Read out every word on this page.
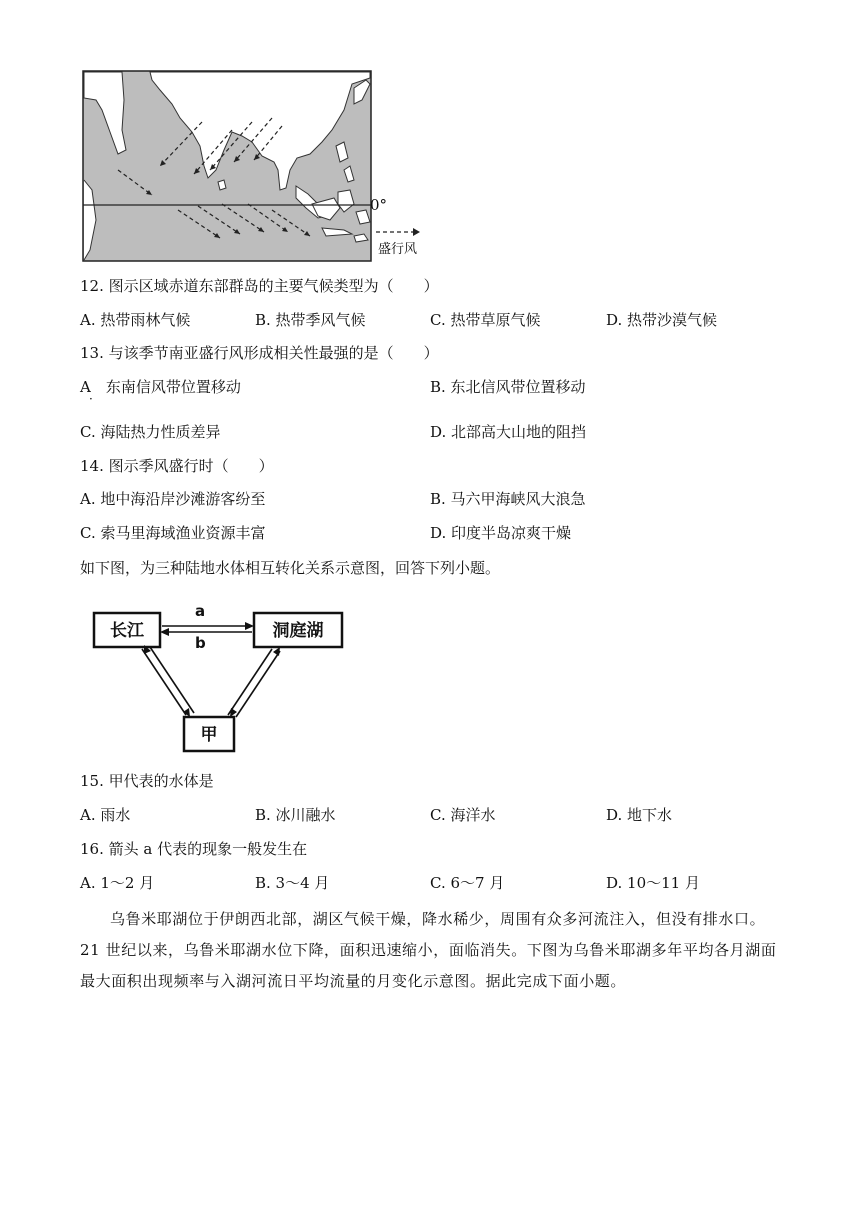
0°
盛行风
12. 图示区域赤道东部群岛的主要气候类型为（　　）
A. 热带雨林气候	B. 热带季风气候	C. 热带草原气候	D. 热带沙漠气候
13. 与该季节南亚盛行风形成相关性最强的是（　　）
A　东南信风带位置移动
·
B. 东北信风带位置移动
C. 海陆热力性质差异	D. 北部高大山地的阻挡
14. 图示季风盛行时（　　）
A. 地中海沿岸沙滩游客纷至	B. 马六甲海峡风大浪急
C. 索马里海域渔业资源丰富	D. 印度半岛凉爽干燥
如下图，为三种陆地水体相互转化关系示意图，回答下列小题。
长江	洞庭湖
甲
a
b
15. 甲代表的水体是
A. 雨水	B. 冰川融水	C. 海洋水	D. 地下水
16. 箭头 a 代表的现象一般发生在
A. 1～2 月	B. 3～4 月	C. 6～7 月	D. 10～11 月

乌鲁米耶湖位于伊朗西北部，湖区气候干燥，降水稀少，周围有众多河流注入，但没有排水口。21 世纪以来，乌鲁米耶湖水位下降，面积迅速缩小，面临消失。下图为乌鲁米耶湖多年平均各月湖面最大面积出现频率与入湖河流日平均流量的月变化示意图。据此完成下面小题。
